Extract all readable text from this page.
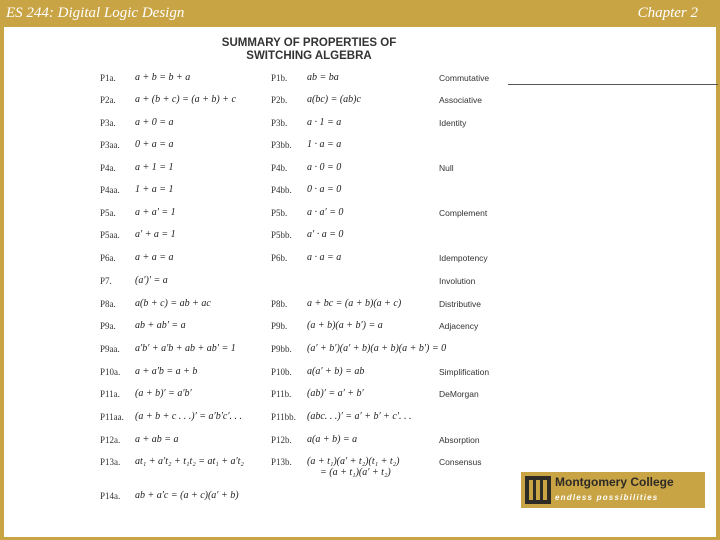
ES 244: Digital Logic Design	Chapter 2
SUMMARY OF PROPERTIES OF
SWITCHING ALGEBRA
P1a. a + b = b + a	P1b. ab = ba	Commutative
P2a. a + (b + c) = (a + b) + c	P2b. a(bc) = (ab)c	Associative
P3a. a + 0 = a	P3b. a · 1 = a	Identity
P3aa. 0 + a = a	P3bb. 1 · a = a
P4a. a + 1 = 1	P4b. a · 0 = 0	Null
P4aa. 1 + a = 1	P4bb. 0 · a = 0
P5a. a + a′ = 1	P5b. a · a′ = 0	Complement
P5aa. a′ + a = 1	P5bb. a′ · a = 0
P6a. a + a = a	P6b. a · a = a	Idempotency
P7. (a′)′ = a	Involution
P8a. a(b + c) = ab + ac	P8b. a + bc = (a + b)(a + c)	Distributive
P9a. ab + ab′ = a	P9b. (a + b)(a + b′) = a	Adjacency
P9aa. a′b′ + a′b + ab + ab′ = 1	P9bb. (a′ + b′)(a′ + b)(a + b)(a + b′) = 0
P10a. a + a′b = a + b	P10b. a(a′ + b) = ab	Simplification
P11a. (a + b)′ = a′b′	P11b. (ab)′ = a′ + b′	DeMorgan
P11aa. (a + b + c . . .)′ = a′b′c′. . .	P11bb. (abc. . .)′ = a′ + b′ + c′. . .
P12a. a + ab = a	P12b. a(a + b) = a	Absorption
P13a. at₁ + a′t₂ + t₁t₂ = at₁ + a′t₂	P13b. (a + t₁)(a′ + t₂)(t₁ + t₂)	Consensus
= (a + t₁)(a′ + t₂)
P14a. ab + a′c = (a + c)(a′ + b)
Montgomery College
endless possibilities
